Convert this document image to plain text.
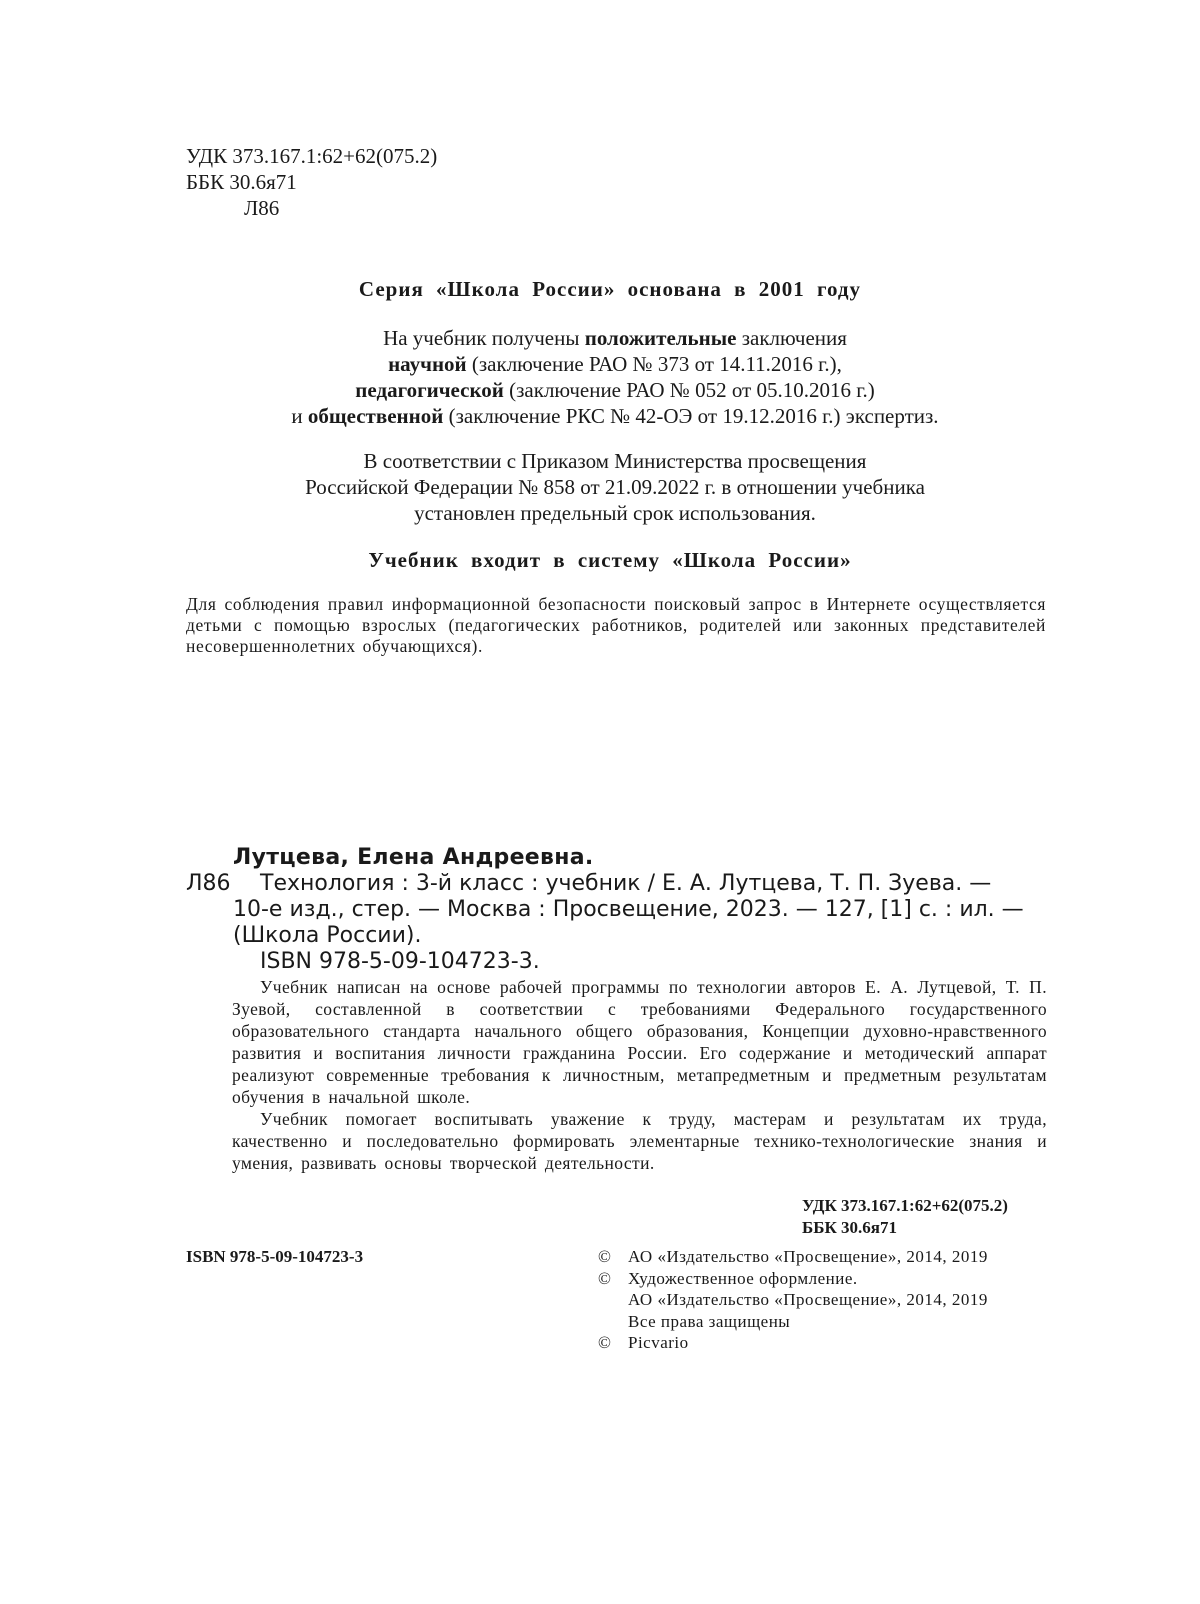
УДК 373.167.1:62+62(075.2)
ББК 30.6я71
Л86
Серия «Школа России» основана в 2001 году
На учебник получены положительные заключения
научной (заключение РАО № 373 от 14.11.2016 г.),
педагогической (заключение РАО № 052 от 05.10.2016 г.)
и общественной (заключение РКС № 42-ОЭ от 19.12.2016 г.) экспертиз.
В соответствии с Приказом Министерства просвещения
Российской Федерации № 858 от 21.09.2022 г. в отношении учебника
установлен предельный срок использования.
Учебник входит в систему «Школа России»

Для соблюдения правил информационной безопасности поисковый запрос в Интернете осуществляется детьми с помощью взрослых (педагогических работников, родителей или законных представителей несовершеннолетних обучающихся).

Лутцева, Елена Андреевна.
Л86 Технология : 3-й класс : учебник / Е. А. Лутцева, Т. П. Зуева. —
10-е изд., стер. — Москва : Просвещение, 2023. — 127, [1] с. : ил. —
(Школа России).
ISBN 978-5-09-104723-3.

Учебник написан на основе рабочей программы по технологии авторов Е. А. Лутцевой, Т. П. Зуевой, составленной в соответствии с требованиями Федерального государственного образовательного стандарта начального общего образования, Концепции духовно-нравственного развития и воспитания личности гражданина России. Его содержание и методический аппарат реализуют современные требования к личностным, метапредметным и предметным результатам обучения в начальной школе.

Учебник помогает воспитывать уважение к труду, мастерам и результатам их труда, качественно и последовательно формировать элементарные технико-технологические знания и умения, развивать основы творческой деятельности.

УДК 373.167.1:62+62(075.2)
ББК 30.6я71
ISBN 978-5-09-104723-3	© АО «Издательство «Просвещение», 2014, 2019
© Художественное оформление.
АО «Издательство «Просвещение», 2014, 2019
Все права защищены
© Picvario
